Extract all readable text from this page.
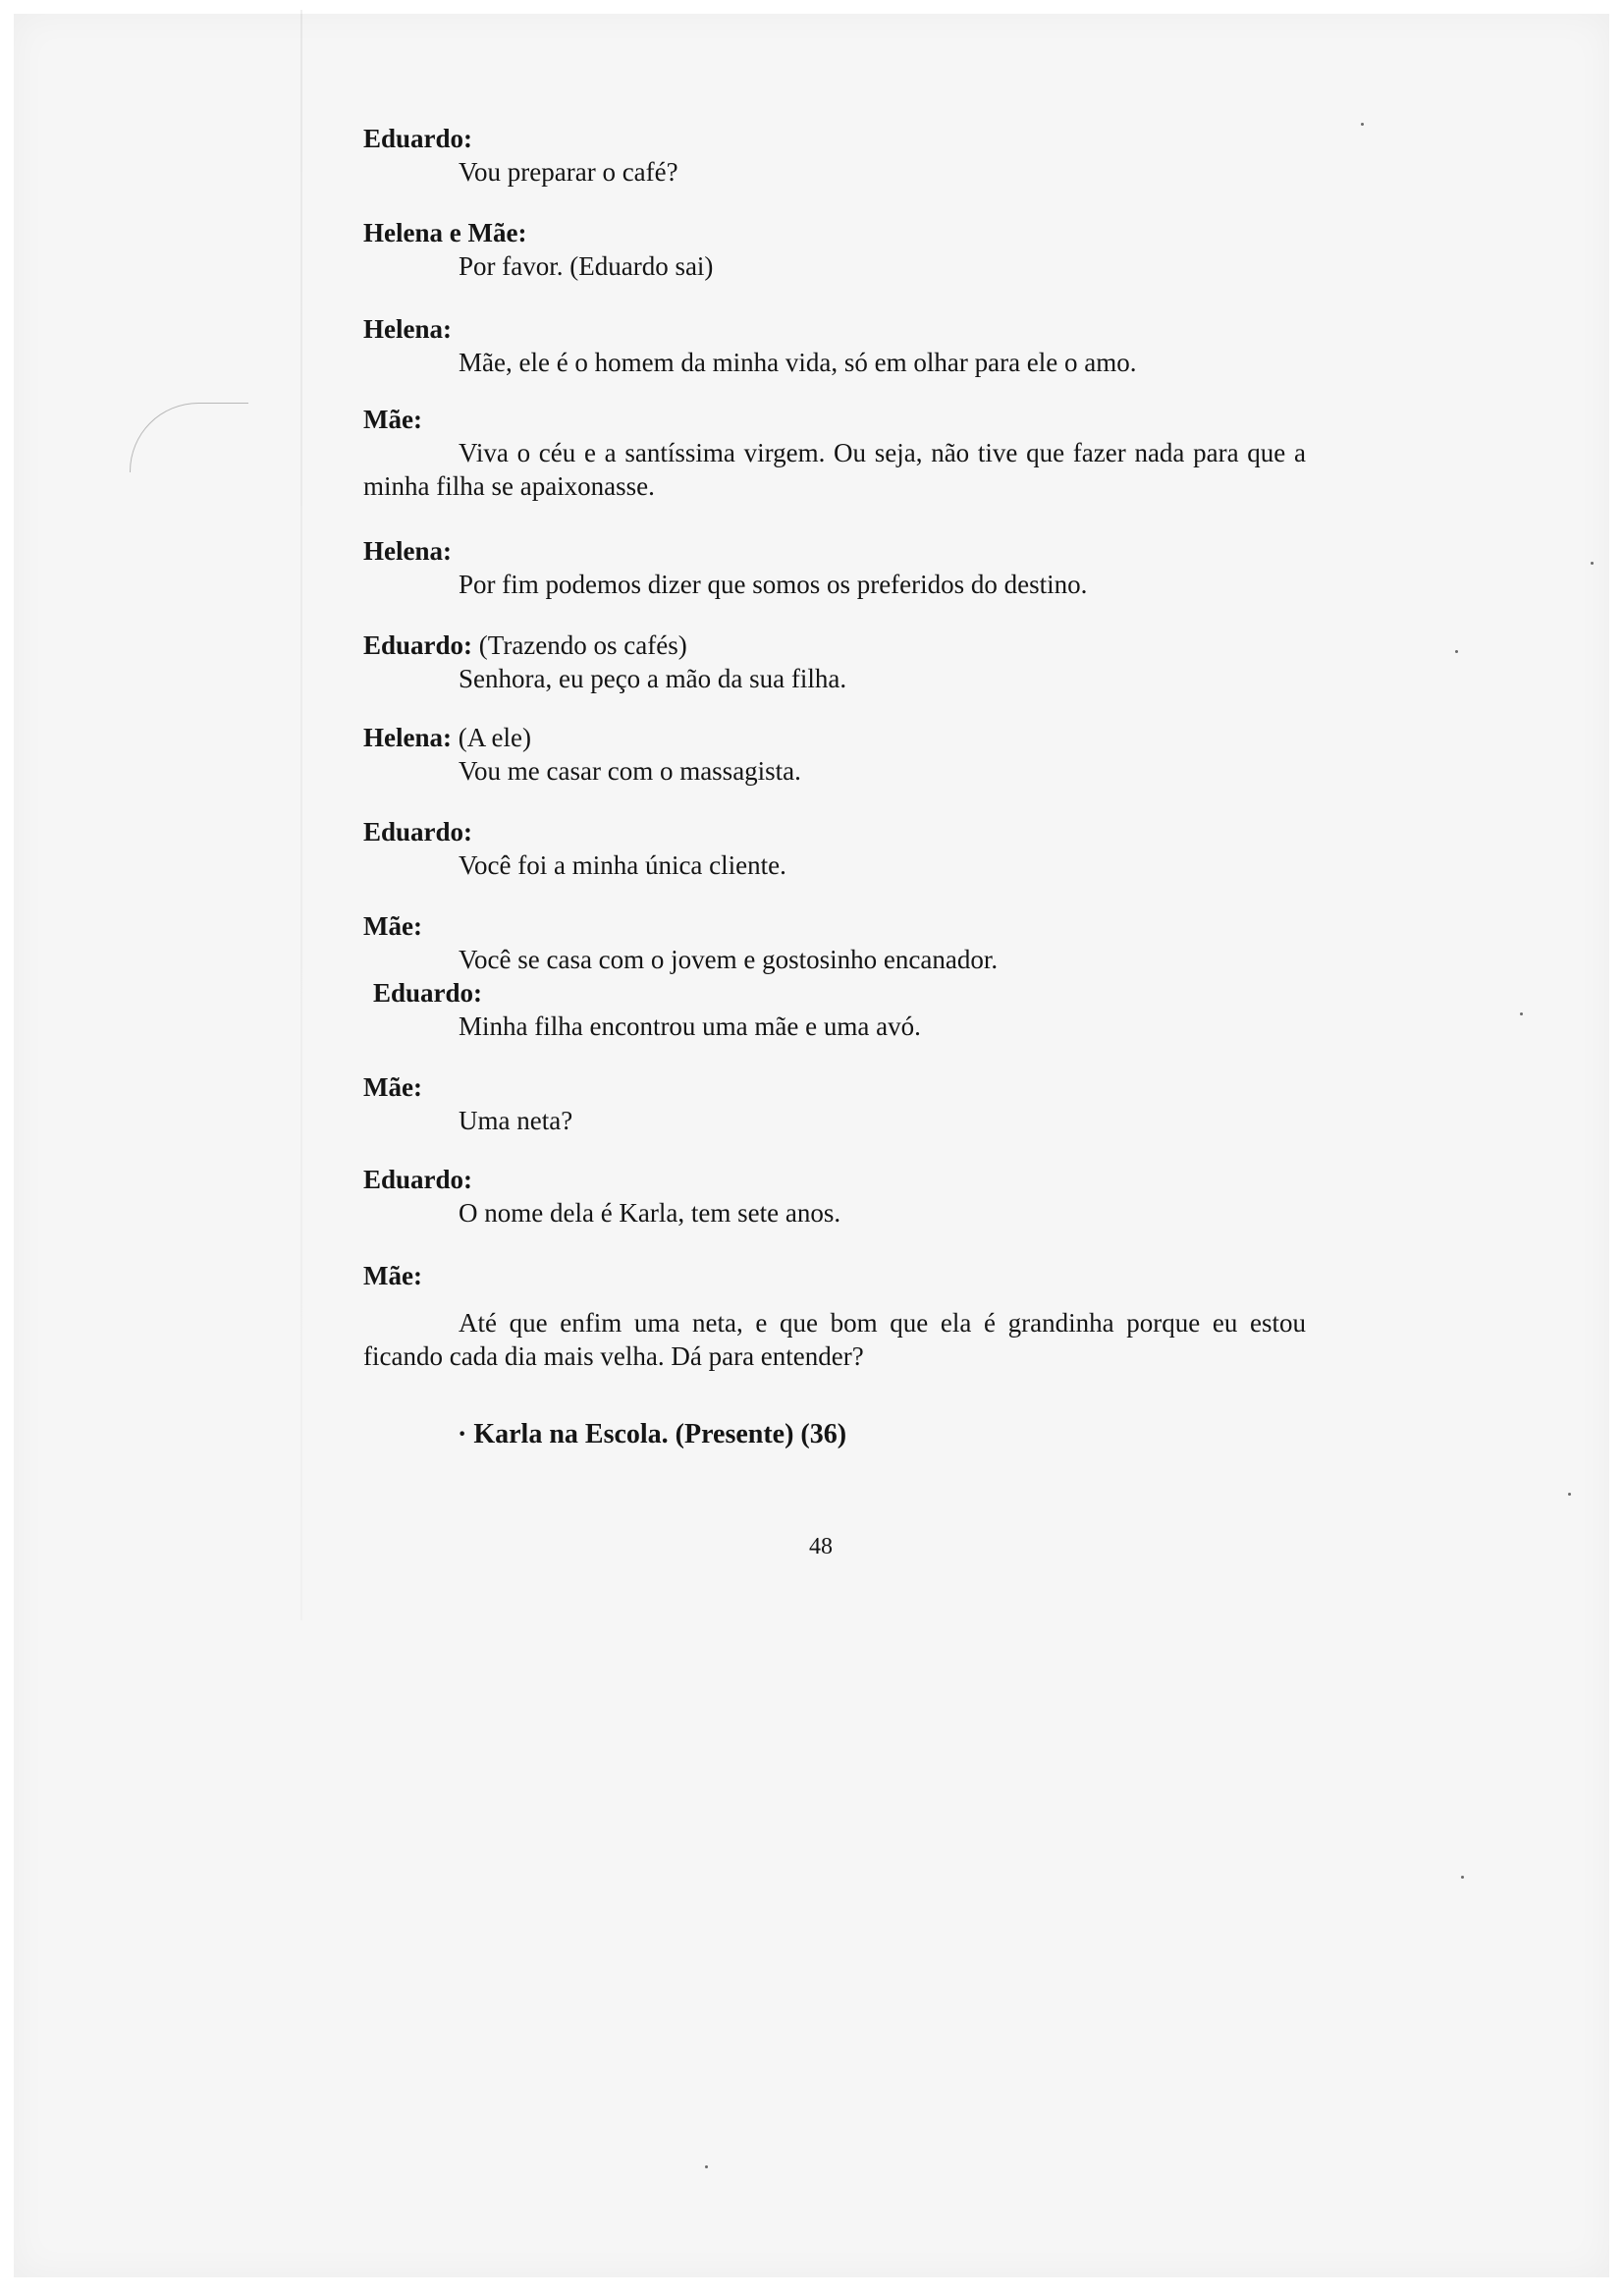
Eduardo:
Vou preparar o café?
Helena e Mãe:
Por favor. (Eduardo sai)
Helena:
Mãe, ele é o homem da minha vida, só em olhar para ele o amo.
Mãe:
Viva o céu e a santíssima virgem. Ou seja, não tive que fazer nada para que a minha filha se apaixonasse.
Helena:
Por fim podemos dizer que somos os preferidos do destino.
Eduardo: (Trazendo os cafés)
Senhora, eu peço a mão da sua filha.
Helena: (A ele)
Vou me casar com o massagista.
Eduardo:
Você foi a minha única cliente.
Mãe:
Você se casa com o jovem e gostosinho encanador.
Eduardo:
Minha filha encontrou uma mãe e uma avó.
Mãe:
Uma neta?
Eduardo:
O nome dela é Karla, tem sete anos.
Mãe:
Até que enfim uma neta, e que bom que ela é grandinha porque eu estou ficando cada dia mais velha. Dá para entender?
· Karla na Escola. (Presente) (36)
48
